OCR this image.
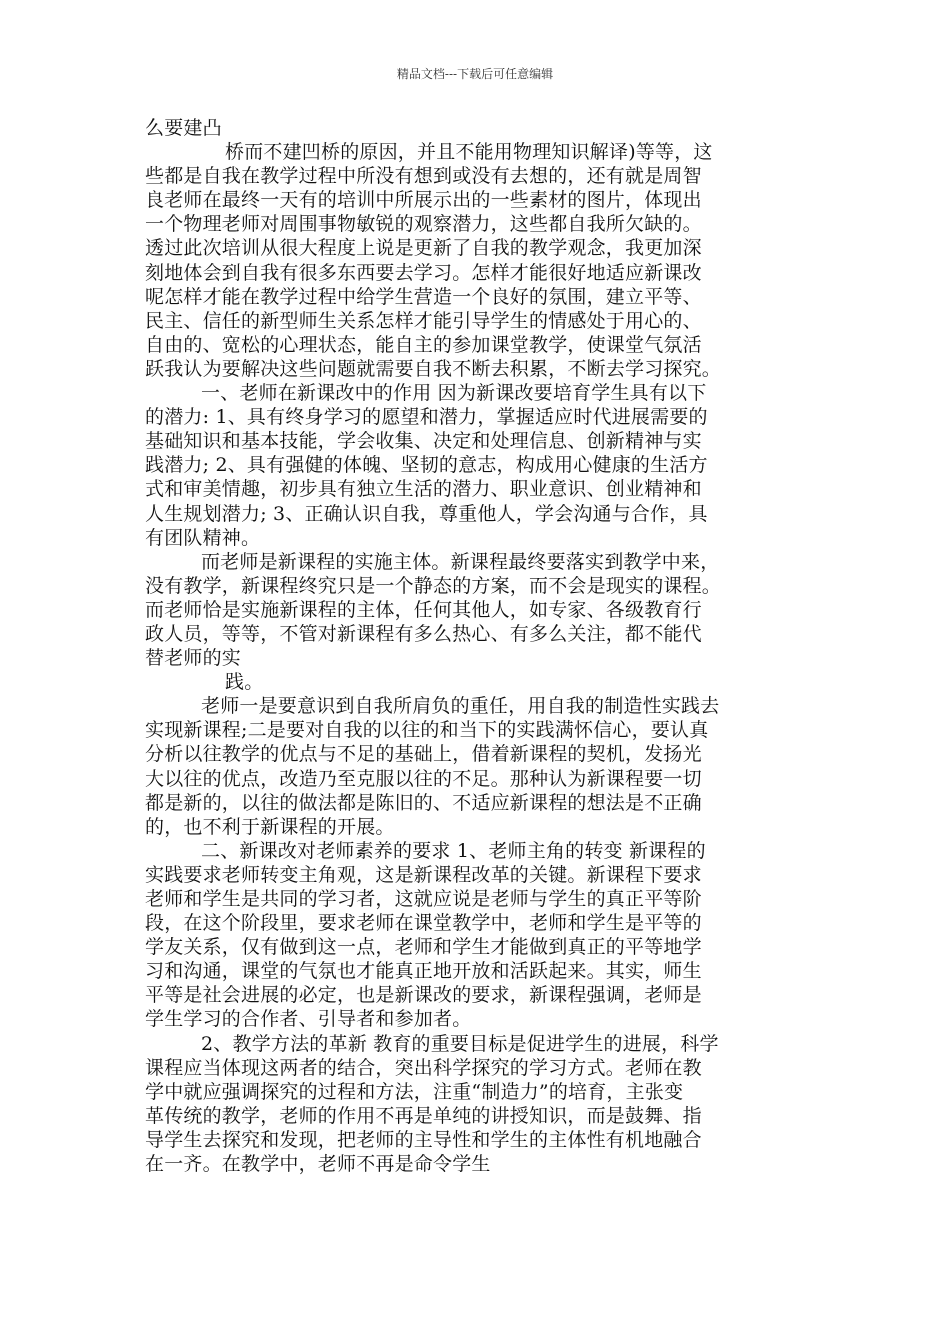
精品文档---下载后可任意编辑
么要建凸
桥而不建凹桥的原因，并且不能用物理知识解译)等等，这
些都是自我在教学过程中所没有想到或没有去想的，还有就是周智
良老师在最终一天有的培训中所展示出的一些素材的图片，体现出
一个物理老师对周围事物敏锐的观察潜力，这些都自我所欠缺的。
透过此次培训从很大程度上说是更新了自我的教学观念，我更加深
刻地体会到自我有很多东西要去学习。怎样才能很好地适应新课改
呢怎样才能在教学过程中给学生营造一个良好的氛围，建立平等、
民主、信任的新型师生关系怎样才能引导学生的情感处于用心的、
自由的、宽松的心理状态，能自主的参加课堂教学，使课堂气氛活
跃我认为要解决这些问题就需要自我不断去积累，不断去学习探究。
一、老师在新课改中的作用 因为新课改要培育学生具有以下
的潜力: 1、具有终身学习的愿望和潜力，掌握适应时代进展需要的
基础知识和基本技能，学会收集、决定和处理信息、创新精神与实
践潜力; 2、具有强健的体魄、坚韧的意志，构成用心健康的生活方
式和审美情趣，初步具有独立生活的潜力、职业意识、创业精神和
人生规划潜力; 3、正确认识自我，尊重他人，学会沟通与合作，具
有团队精神。
而老师是新课程的实施主体。新课程最终要落实到教学中来，
没有教学，新课程终究只是一个静态的方案，而不会是现实的课程。
而老师恰是实施新课程的主体，任何其他人，如专家、各级教育行
政人员，等等，不管对新课程有多么热心、有多么关注，都不能代
替老师的实
践。
老师一是要意识到自我所肩负的重任，用自我的制造性实践去
实现新课程;二是要对自我的以往的和当下的实践满怀信心，要认真
分析以往教学的优点与不足的基础上，借着新课程的契机，发扬光
大以往的优点，改造乃至克服以往的不足。那种认为新课程要一切
都是新的，以往的做法都是陈旧的、不适应新课程的想法是不正确
的，也不利于新课程的开展。
二、新课改对老师素养的要求 1、老师主角的转变 新课程的
实践要求老师转变主角观，这是新课程改革的关键。新课程下要求
老师和学生是共同的学习者，这就应说是老师与学生的真正平等阶
段，在这个阶段里，要求老师在课堂教学中，老师和学生是平等的
学友关系，仅有做到这一点，老师和学生才能做到真正的平等地学
习和沟通，课堂的气氛也才能真正地开放和活跃起来。其实，师生
平等是社会进展的必定，也是新课改的要求，新课程强调，老师是
学生学习的合作者、引导者和参加者。
2、教学方法的革新 教育的重要目标是促进学生的进展，科学
课程应当体现这两者的结合，突出科学探究的学习方式。老师在教
学中就应强调探究的过程和方法，注重“制造力”的培育，主张变
革传统的教学，老师的作用不再是单纯的讲授知识，而是鼓舞、指
导学生去探究和发现，把老师的主导性和学生的主体性有机地融合
在一齐。在教学中，老师不再是命令学生
